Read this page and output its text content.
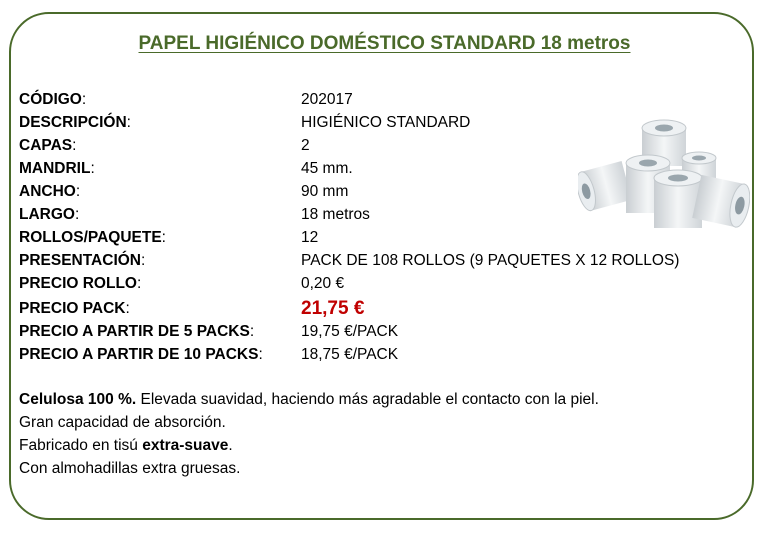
PAPEL HIGIÉNICO DOMÉSTICO STANDARD 18 metros
CÓDIGO:	202017
DESCRIPCIÓN:	HIGIÉNICO STANDARD
CAPAS:	2
MANDRIL:	45 mm.
ANCHO:	90 mm
LARGO:	18 metros
ROLLOS/PAQUETE:	12
PRESENTACIÓN:	PACK DE 108 ROLLOS (9 PAQUETES X 12 ROLLOS)
PRECIO ROLLO:	0,20 €
PRECIO PACK:	21,75 €
PRECIO A PARTIR DE 5 PACKS:	19,75 €/PACK
PRECIO A PARTIR DE 10 PACKS: 18,75 €/PACK

Celulosa 100 %. Elevada suavidad, haciendo más agradable el contacto con la piel.

Gran capacidad de absorción.

Fabricado en tisú extra-suave.

Con almohadillas extra gruesas.
